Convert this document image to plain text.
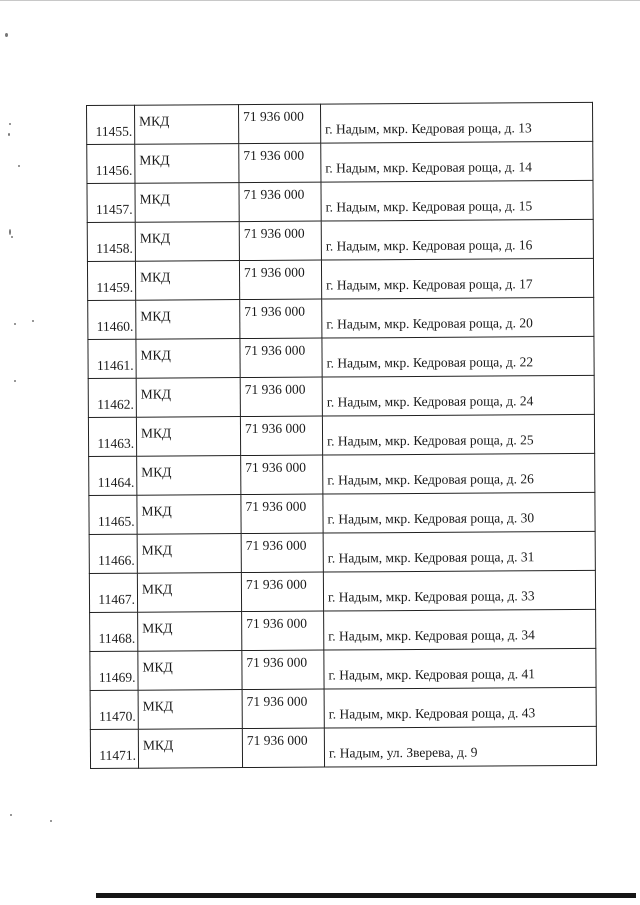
11455.	МКД	71 936 000	г. Надым, мкр. Кедровая роща, д. 13
11456.	МКД	71 936 000	г. Надым, мкр. Кедровая роща, д. 14
11457.	МКД	71 936 000	г. Надым, мкр. Кедровая роща, д. 15
11458.	МКД	71 936 000	г. Надым, мкр. Кедровая роща, д. 16
11459.	МКД	71 936 000	г. Надым, мкр. Кедровая роща, д. 17
11460.	МКД	71 936 000	г. Надым, мкр. Кедровая роща, д. 20
11461.	МКД	71 936 000	г. Надым, мкр. Кедровая роща, д. 22
11462.	МКД	71 936 000	г. Надым, мкр. Кедровая роща, д. 24
11463.	МКД	71 936 000	г. Надым, мкр. Кедровая роща, д. 25
11464.	МКД	71 936 000	г. Надым, мкр. Кедровая роща, д. 26
11465.	МКД	71 936 000	г. Надым, мкр. Кедровая роща, д. 30
11466.	МКД	71 936 000	г. Надым, мкр. Кедровая роща, д. 31
11467.	МКД	71 936 000	г. Надым, мкр. Кедровая роща, д. 33
11468.	МКД	71 936 000	г. Надым, мкр. Кедровая роща, д. 34
11469.	МКД	71 936 000	г. Надым, мкр. Кедровая роща, д. 41
11470.	МКД	71 936 000	г. Надым, мкр. Кедровая роща, д. 43
11471.	МКД	71 936 000	г. Надым, ул. Зверева, д. 9
